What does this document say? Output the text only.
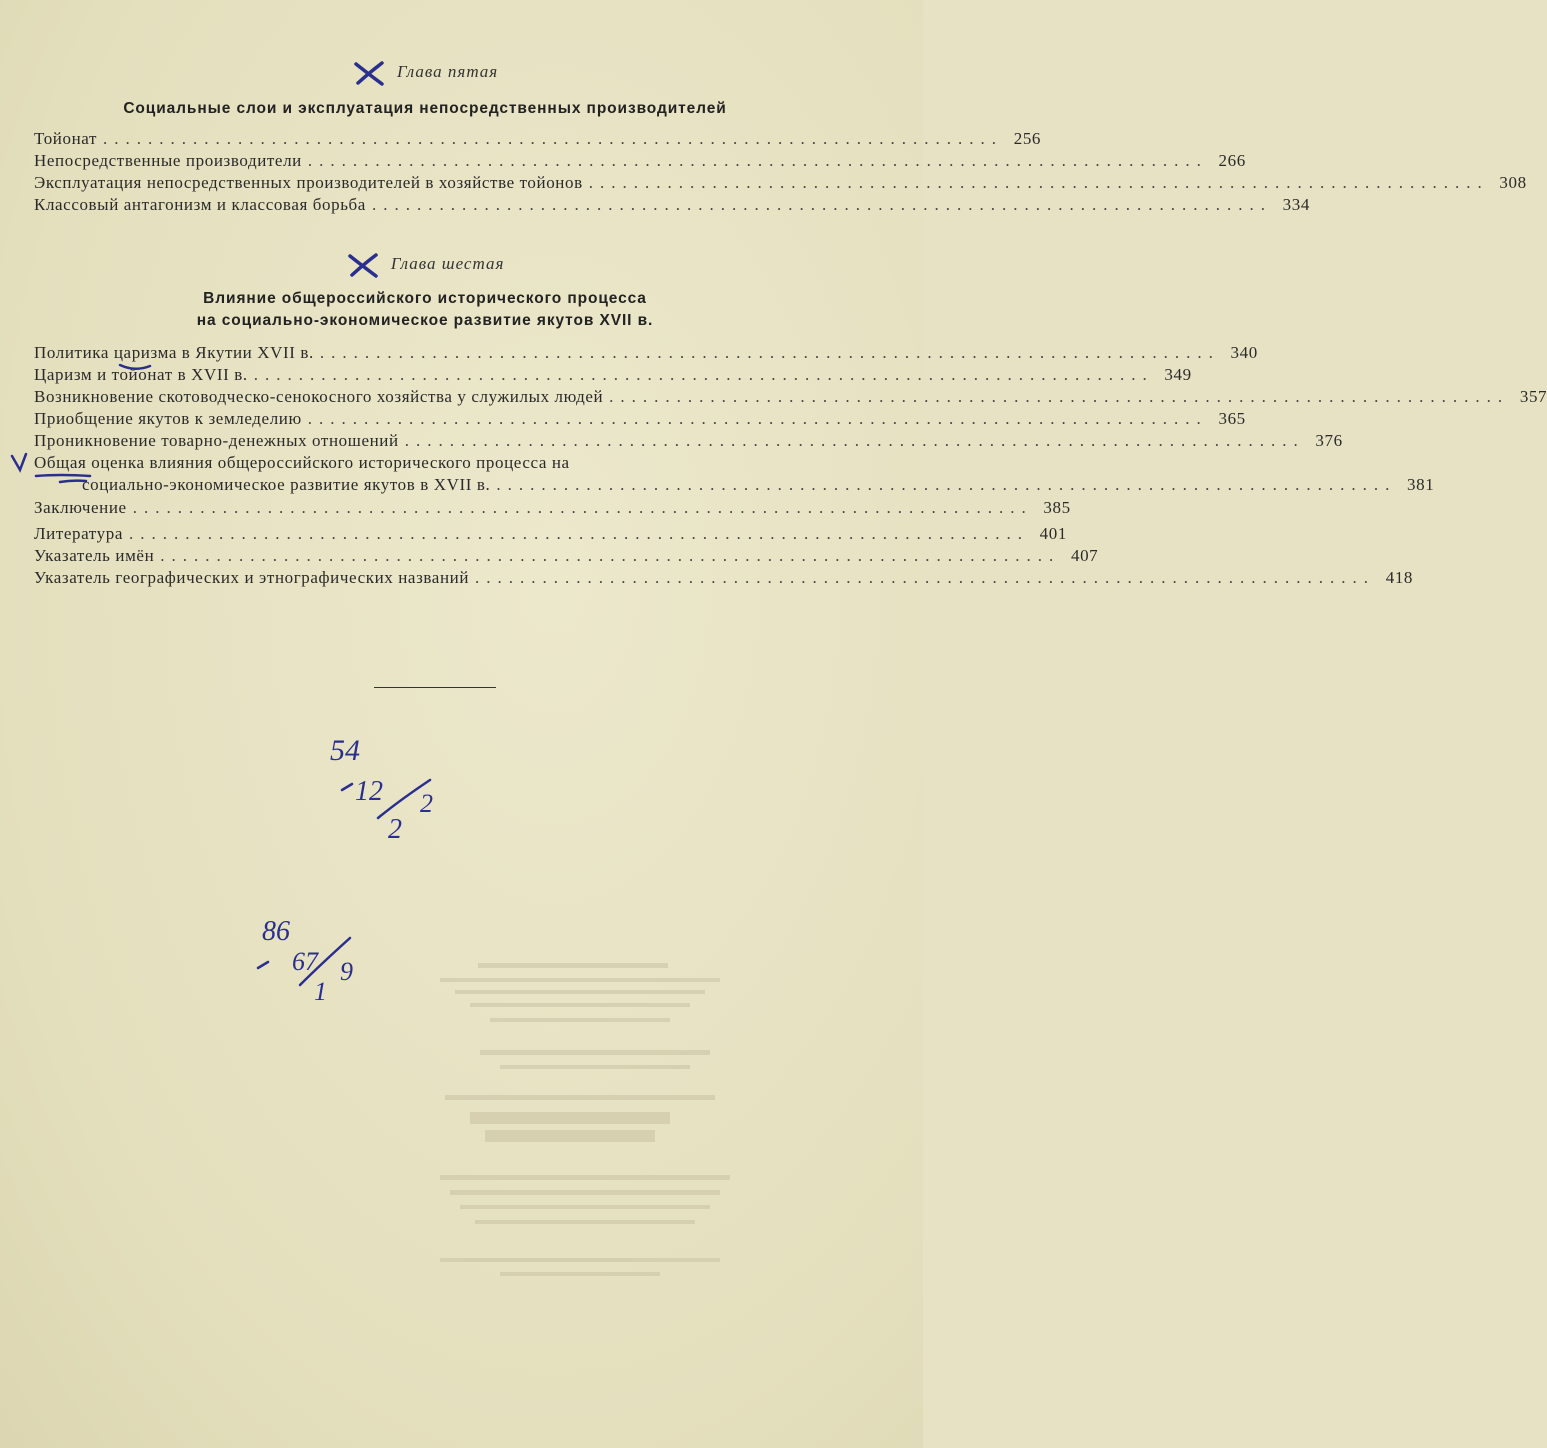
Глава пятая
Социальные слои и эксплуатация непосредственных производителей
Тойонат ................................................................................ 256
Непосредственные производители ................................................................................ 266
Эксплуатация непосредственных производителей в хозяйстве тойонов ................................................................................ 308
Классовый антагонизм и классовая борьба ................................................................................ 334
Глава шестая
Влияние общероссийского исторического процесса
на социально-экономическое развитие якутов XVII в.
Политика царизма в Якутии XVII в. ................................................................................ 340
Царизм и тойонат в XVII в. ................................................................................ 349
Возникновение скотоводческо-сенокосного хозяйства у служилых людей ................................................................................ 357
Приобщение якутов к земледелию ................................................................................ 365
Проникновение товарно-денежных отношений ................................................................................ 376
Общая оценка влияния общероссийского исторического процесса на
социально-экономическое развитие якутов в XVII в. ................................................................................ 381
Заключение ................................................................................ 385
Литература ................................................................................ 401
Указатель имён ................................................................................ 407
Указатель географических и этнографических названий ................................................................................ 418
54
12
2
2
86
67
1
9
